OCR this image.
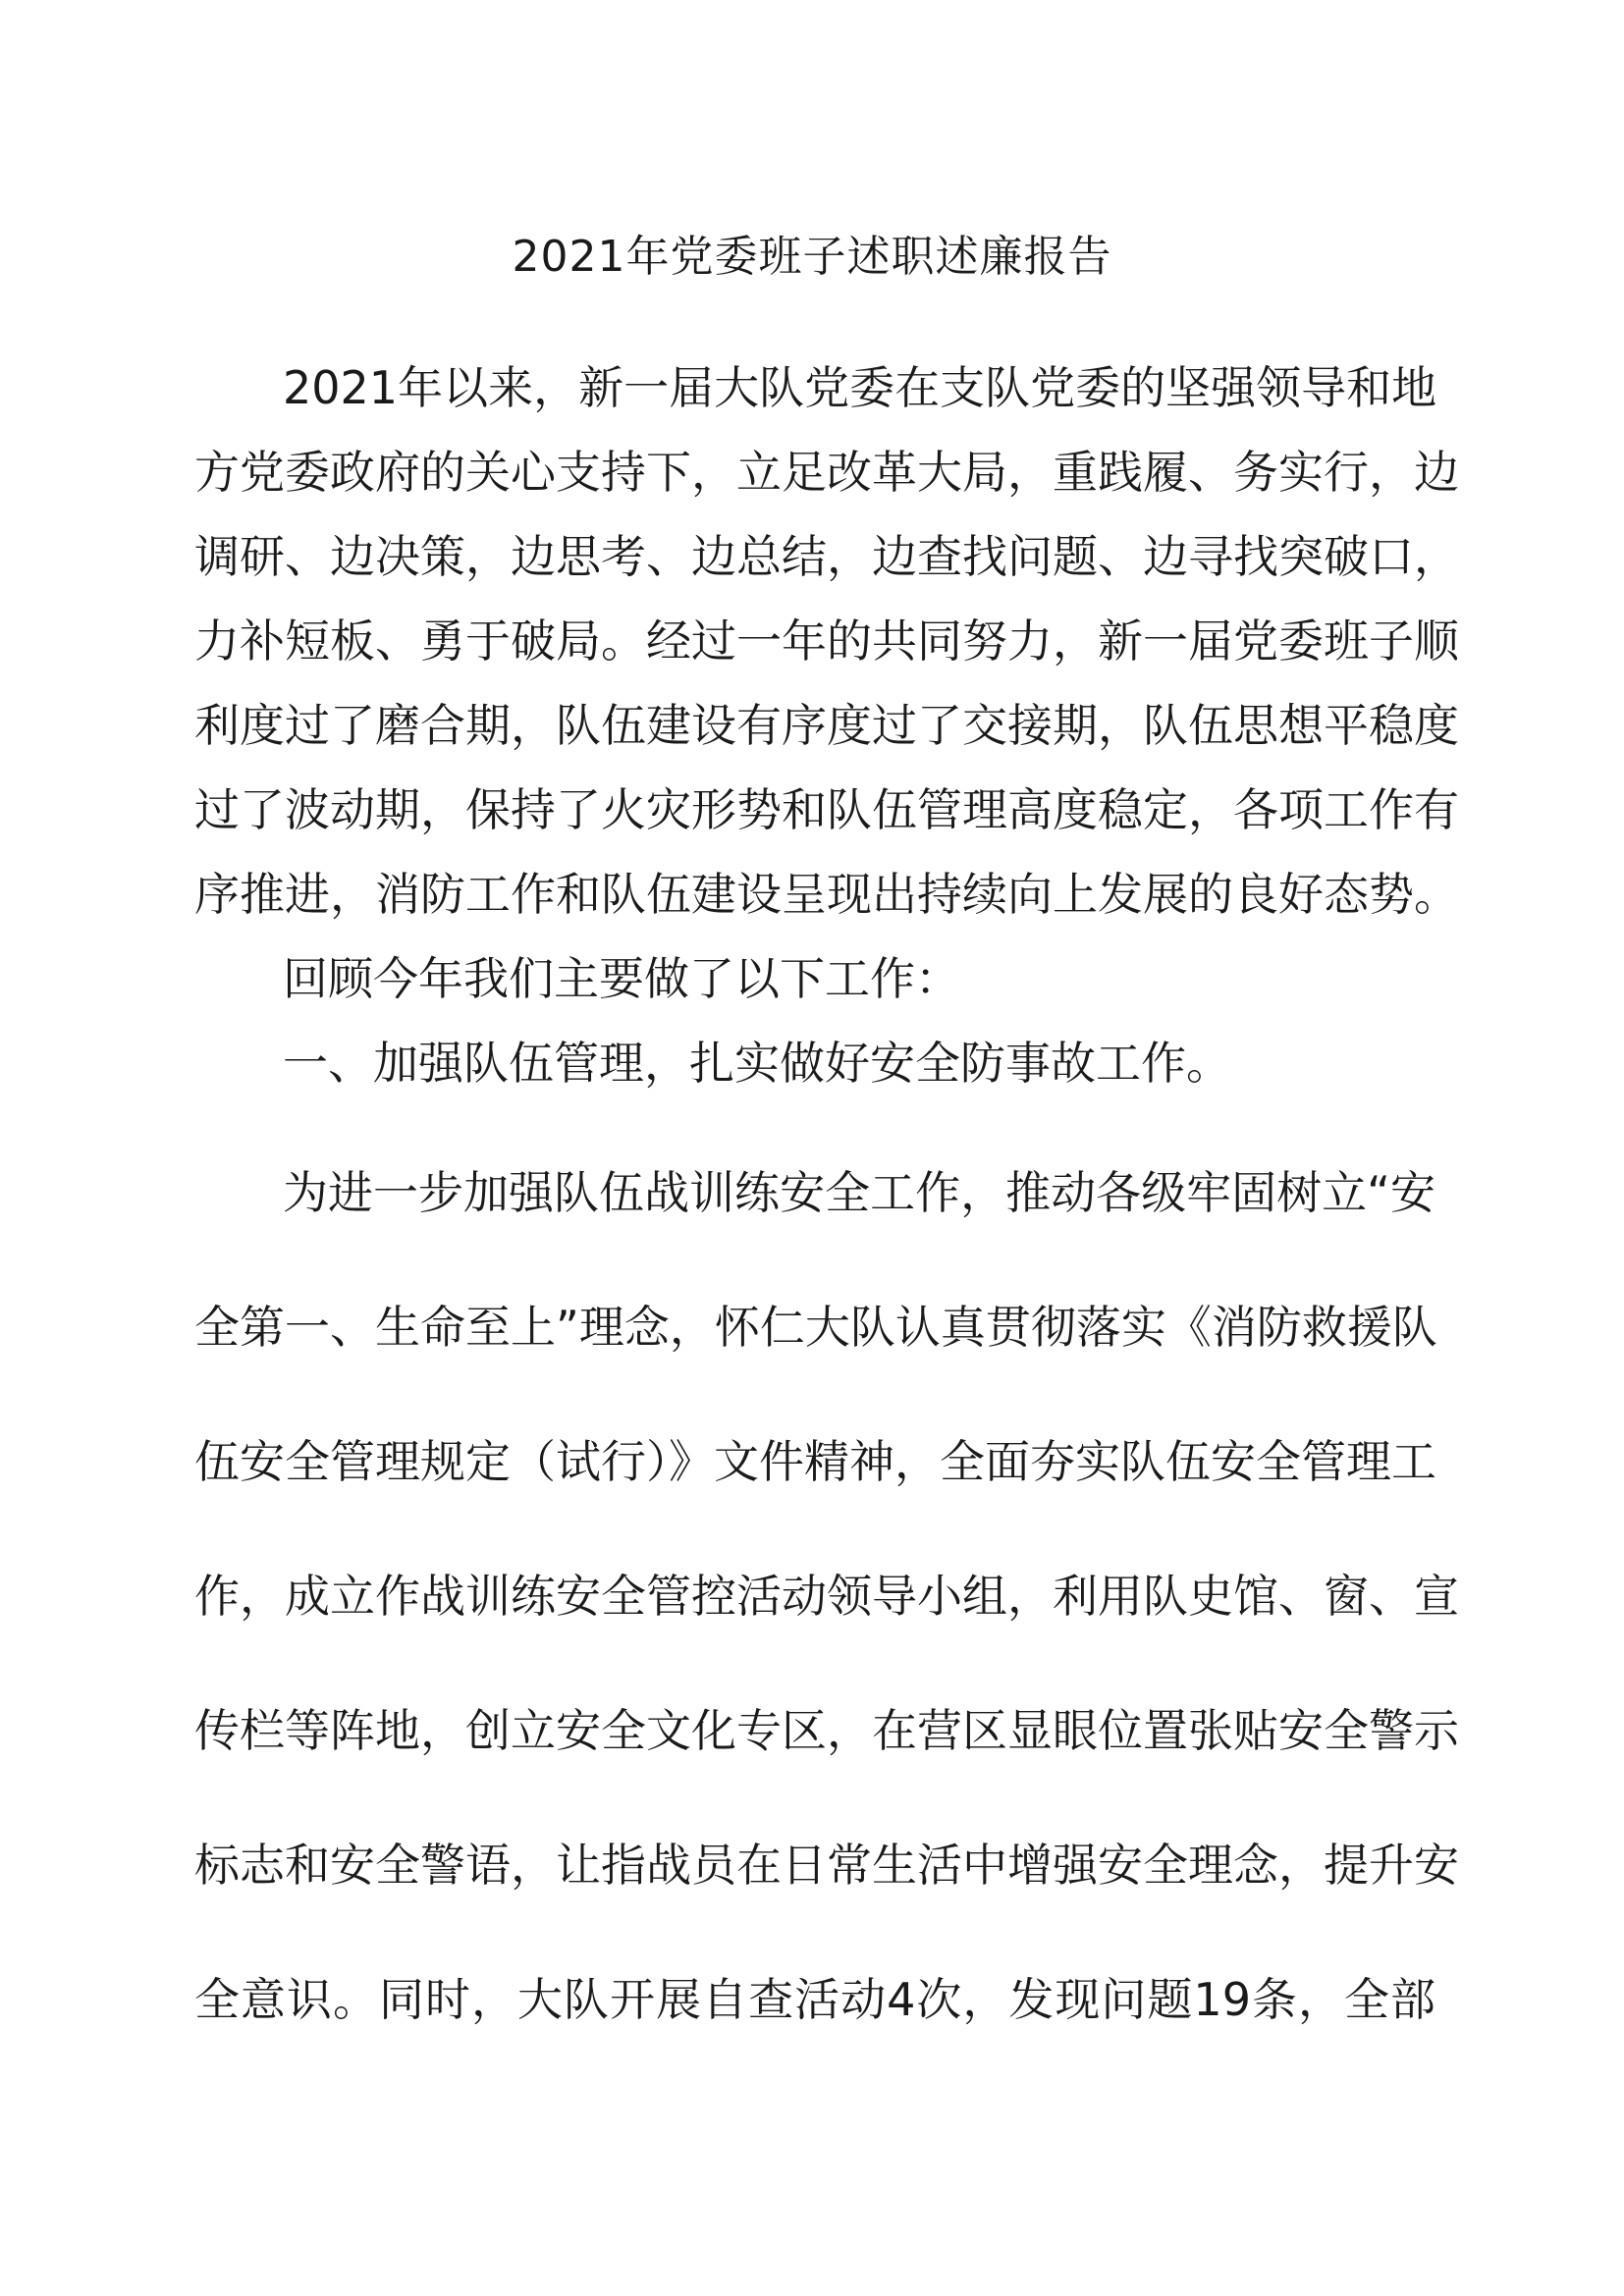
2021年党委班子述职述廉报告
2021年以来，新一届大队党委在支队党委的坚强领导和地
方党委政府的关心支持下，立足改革大局，重践履、务实行，边
调研、边决策，边思考、边总结，边查找问题、边寻找突破口，
力补短板、勇于破局。经过一年的共同努力，新一届党委班子顺
利度过了磨合期，队伍建设有序度过了交接期，队伍思想平稳度
过了波动期，保持了火灾形势和队伍管理高度稳定，各项工作有
序推进，消防工作和队伍建设呈现出持续向上发展的良好态势。
回顾今年我们主要做了以下工作：
一、加强队伍管理，扎实做好安全防事故工作。
为进一步加强队伍战训练安全工作，推动各级牢固树立“安
全第一、生命至上”理念，怀仁大队认真贯彻落实《消防救援队
伍安全管理规定（试行）》文件精神，全面夯实队伍安全管理工
作，成立作战训练安全管控活动领导小组，利用队史馆、窗、宣
传栏等阵地，创立安全文化专区，在营区显眼位置张贴安全警示
标志和安全警语，让指战员在日常生活中增强安全理念，提升安
全意识。同时，大队开展自查活动4次，发现问题19条，全部
